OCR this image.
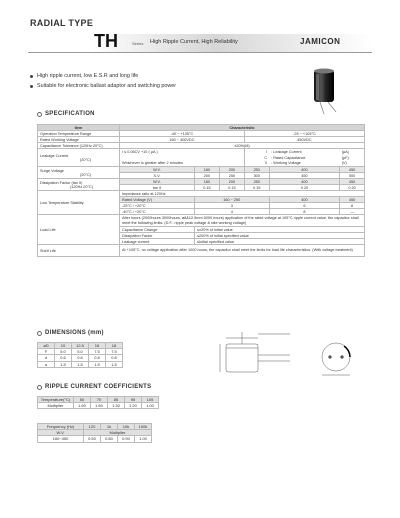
RADIAL TYPE
TH	Series High Ripple Current, High Reliability	JAMICON
High ripple current, low E.S.R and long life
Suitable for electronic ballast adaptor and switching power
SPECIFICATION
Item	Characteristic					
Operation Temperature Range	-40 ~ +105°C			-25 ~ +105°C		
Rated Working Voltage	160 ~ 400VDC			450VDC		
Capacitance Tolerance (120Hz 20°C)	±20%(M)					
Leakage Current
(20°C)	I ≤ 0.06CV +10 ( μA )			I	: Leakage Current	(μA)
				C	: Rated Capacitance	(μF)
	Whichever is greater after 2 minutes			V	: Working Voltage	(V)
Surge Voltage
(20°C)	W.V.	160	200	250	400	450
	S.V.	200	250	300	450	500
Dissipation Factor (tan δ)
(120Hz 20°C)	W.V.	160	200	250	400	450
	tan δ	0.15	0.15	0.15	0.20	0.20
Low Temperature Stability	Impedance ratio at 120Hz					
	Rated Voltage (V)	160 ~ 250			400	450
	-25°C / +20°C	3			6	6
	-40°C / +20°C	4			8	—
Load Life	After hours (2000hours 3000hours, ø8&12.5mm 5000 hours) application of the rated voltage at 105°C ripple current value, the capacitor shall meet the following limits. (D.F.: ripple peak voltage & rate working voltage)					
	Capacitance Change	≤±20% of initial value				
	Dissipation Factor	≤200% of initial specified value				
	Leakage current	≤Initial specified value				
Shelf Life	At +105°C, no voltage application after 1000 hours, the capacitor shall meet the limits for load life characteristics. (With voltage treatment)					
DIMENSIONS (mm)
øD	10	12.5	16	18
F	5.0	5.0	7.5	7.5
d	0.6	0.6	0.8	0.8
α	1.5	1.5	1.5	1.5
RIPPLE CURRENT COEFFICIENTS
Temperature(°C)	50	70	85	95	105
Multiplier	1.60	1.50	1.30	1.20	1.00
Frequency (Hz)	120	1k	10k	100k
W.V.	Multiplier			
160~450	0.50	0.80	0.90	1.00
